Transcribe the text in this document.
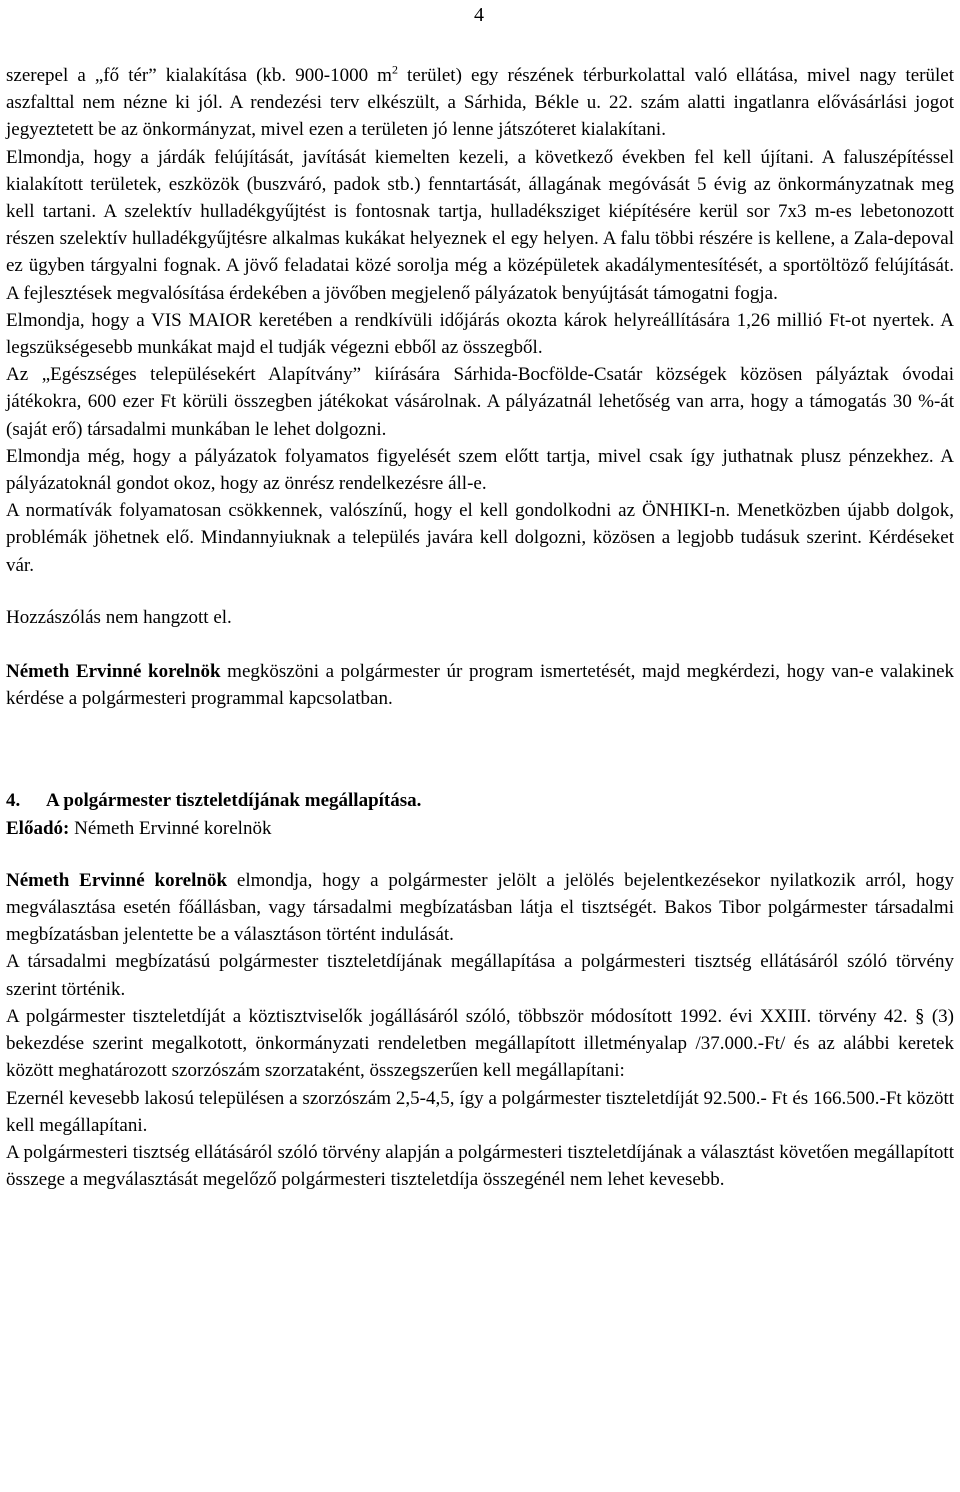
4

szerepel a „fő tér” kialakítása (kb. 900-1000 $m^2$ terület) egy részének térburkolattal való ellátása, mivel nagy terület aszfalttal nem nézne ki jól. A rendezési terv elkészült, a Sárhida, Békle u. 22. szám alatti ingatlanra elővásárlási jogot jegyeztetett be az önkormányzat, mivel ezen a területen jó lenne játszóteret kialakítani.

Elmondja, hogy a járdák felújítását, javítását kiemelten kezeli, a következő években fel kell újítani. A faluszépítéssel kialakított területek, eszközök (buszváró, padok stb.) fenntartását, állagának megóvását 5 évig az önkormányzatnak meg kell tartani. A szelektív hulladékgyűjtést is fontosnak tartja, hulladéksziget kiépítésére kerül sor 7x3 m-es lebetonozott részen szelektív hulladékgyűjtésre alkalmas kukákat helyeznek el egy helyen. A falu többi részére is kellene, a Zala-depoval ez ügyben tárgyalni fognak. A jövő feladatai közé sorolja még a középületek akadálymentesítését, a sportöltöző felújítását. A fejlesztések megvalósítása érdekében a jövőben megjelenő pályázatok benyújtását támogatni fogja.

Elmondja, hogy a VIS MAIOR keretében a rendkívüli időjárás okozta károk helyreállítására 1,26 millió Ft-ot nyertek. A legszükségesebb munkákat majd el tudják végezni ebből az összegből.

Az „Egészséges településekért Alapítvány” kiírására Sárhida-Bocfölde-Csatár községek közösen pályáztak óvodai játékokra, 600 ezer Ft körüli összegben játékokat vásárolnak. A pályázatnál lehetőség van arra, hogy a támogatás 30 %-át (saját erő) társadalmi munkában le lehet dolgozni.

Elmondja még, hogy a pályázatok folyamatos figyelését szem előtt tartja, mivel csak így juthatnak plusz pénzekhez. A pályázatoknál gondot okoz, hogy az önrész rendelkezésre áll-e.

A normatívák folyamatosan csökkennek, valószínű, hogy el kell gondolkodni az ÖNHIKI-n. Menetközben újabb dolgok, problémák jöhetnek elő. Mindannyiuknak a település javára kell dolgozni, közösen a legjobb tudásuk szerint. Kérdéseket vár.

Hozzászólás nem hangzott el.

Németh Ervinné korelnök megköszöni a polgármester úr program ismertetését, majd megkérdezi, hogy van-e valakinek kérdése a polgármesteri programmal kapcsolatban.

4. A polgármester tiszteletdíjának megállapítása.

Előadó: Németh Ervinné korelnök

Németh Ervinné korelnök elmondja, hogy a polgármester jelölt a jelölés bejelentkezésekor nyilatkozik arról, hogy megválasztása esetén főállásban, vagy társadalmi megbízatásban látja el tisztségét. Bakos Tibor polgármester társadalmi megbízatásban jelentette be a választáson történt indulását.

A társadalmi megbízatású polgármester tiszteletdíjának megállapítása a polgármesteri tisztség ellátásáról szóló törvény szerint történik.

A polgármester tiszteletdíját a köztisztviselők jogállásáról szóló, többször módosított 1992. évi XXIII. törvény 42. § (3) bekezdése szerint megalkotott, önkormányzati rendeletben megállapított illetményalap /37.000.-Ft/ és az alábbi keretek között meghatározott szorzószám szorzataként, összegszerűen kell megállapítani:

Ezernél kevesebb lakosú településen a szorzószám 2,5-4,5, így a polgármester tiszteletdíját 92.500.- Ft és 166.500.-Ft között kell megállapítani.

A polgármesteri tisztség ellátásáról szóló törvény alapján a polgármesteri tiszteletdíjának a választást követően megállapított összege a megválasztását megelőző polgármesteri tiszteletdíja összegénél nem lehet kevesebb.
